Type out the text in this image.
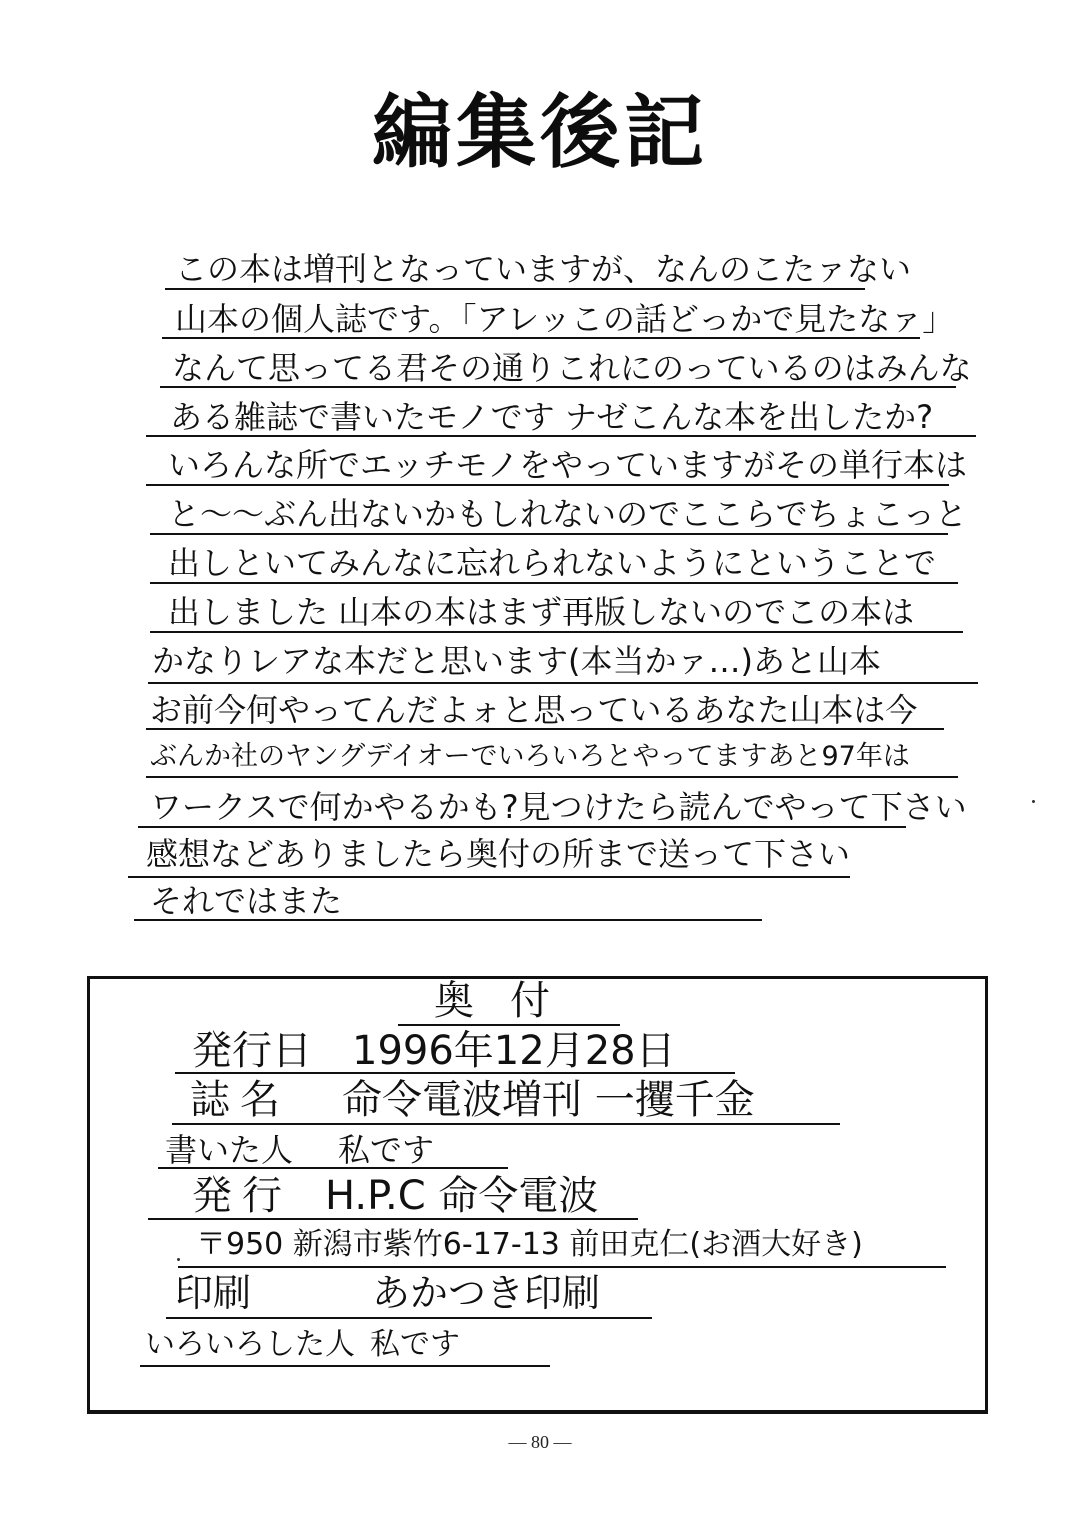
編集後記
この本は増刊となっていますが、なんのこたァない
山本の個人誌です。「アレッこの話どっかで見たなァ」
なんて思ってる君その通りこれにのっているのはみんな
ある雑誌で書いたモノです ナゼこんな本を出したか?
いろんな所でエッチモノをやっていますがその単行本は
と〜〜ぶん出ないかもしれないのでここらでちょこっと
出しといてみんなに忘れられないようにということで
出しました 山本の本はまず再版しないのでこの本は
かなりレアな本だと思います(本当かァ…)あと山本
お前今何やってんだよォと思っているあなた山本は今
ぶんか社のヤングデイオーでいろいろとやってますあと97年は
ワークスで何かやるかも?見つけたら読んでやって下さい
感想などありましたら奥付の所まで送って下さい
それではまた
奥付
発行日 1996年12月28日
誌名 命令電波増刊 一攫千金
書いた人 私です
発行 H.P.C 命令電波
〒950 新潟市紫竹6-17-13 前田克仁(お酒大好き)
印刷	あかつき印刷
いろいろした人 私です
— 80 —
